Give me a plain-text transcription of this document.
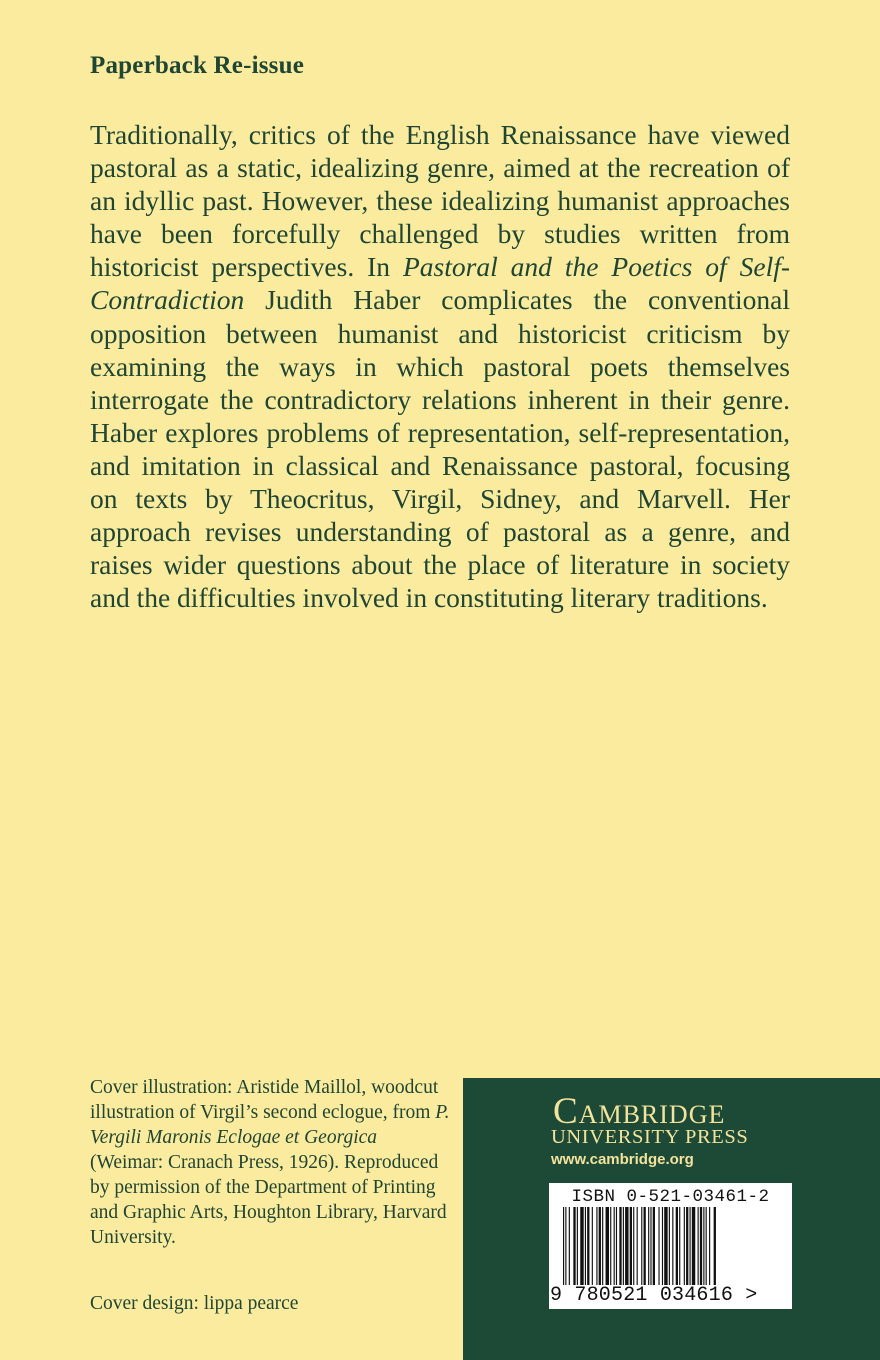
Paperback Re-issue

Traditionally, critics of the English Renaissance have viewed pastoral as a static, idealizing genre, aimed at the recreation of an idyllic past. However, these idealizing humanist approaches have been forcefully challenged by studies written from historicist perspectives. In Pastoral and the Poetics of Self-Contradiction Judith Haber complicates the conventional opposition between humanist and historicist criticism by examining the ways in which pastoral poets themselves interrogate the contradictory relations inherent in their genre. Haber explores problems of representation, self-representation, and imitation in classical and Renaissance pastoral, focusing on texts by Theocritus, Virgil, Sidney, and Marvell. Her approach revises understanding of pastoral as a genre, and raises wider questions about the place of literature in society and the difficulties involved in constituting literary traditions.

Cover illustration: Aristide Maillol, woodcut illustration of Virgil’s second eclogue, from P. Vergili Maronis Eclogae et Georgica (Weimar: Cranach Press, 1926). Reproduced by permission of the Department of Printing and Graphic Arts, Houghton Library, Harvard University.

Cover design: lippa pearce
Cambridge
UNIVERSITY PRESS
www.cambridge.org
ISBN 0-521-03461-2
9 780521 034616 >
